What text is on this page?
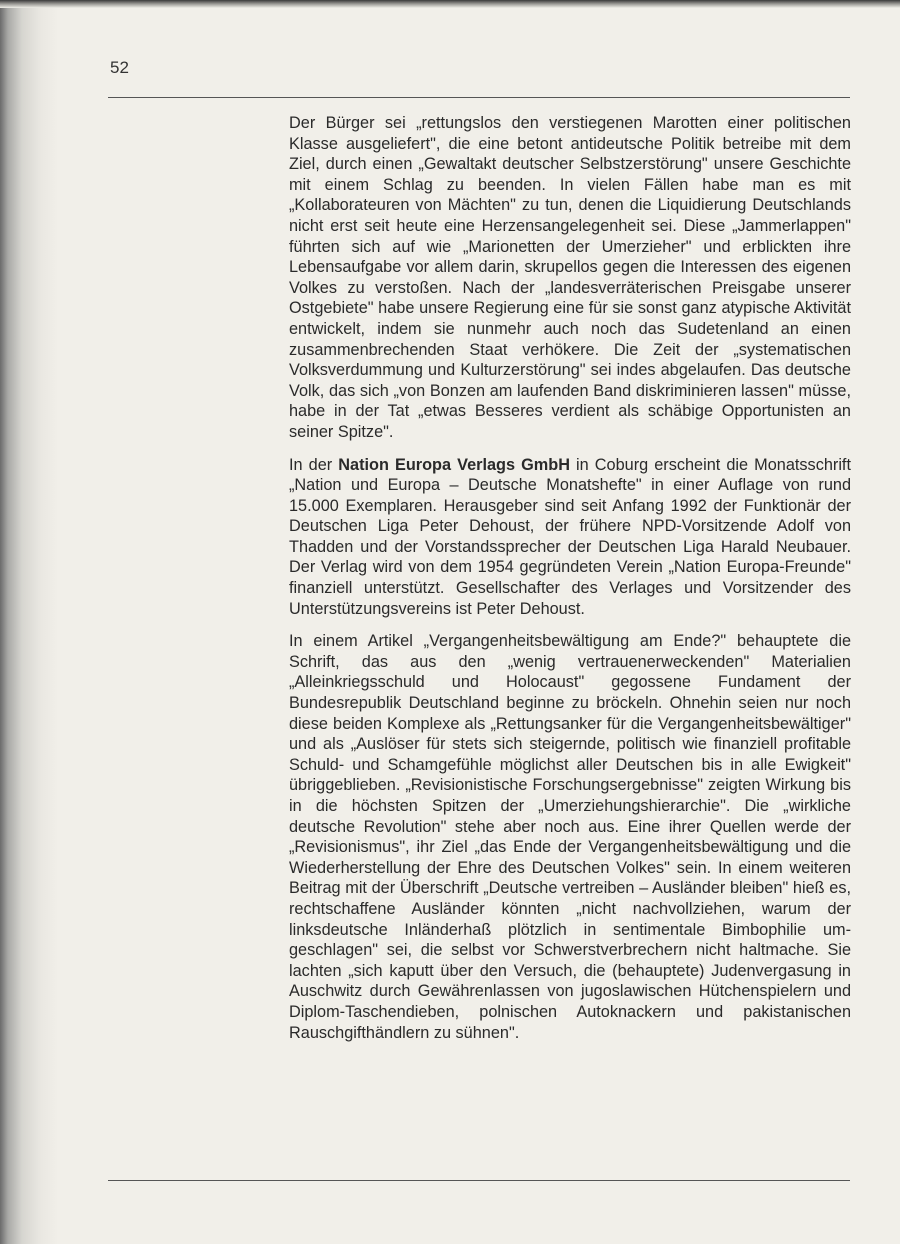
52

Der Bürger sei „rettungslos den verstiegenen Marotten einer politischen Klasse ausgeliefert", die eine betont antideutsche Politik betreibe mit dem Ziel, durch einen „Gewaltakt deutscher Selbstzerstörung" unsere Geschichte mit einem Schlag zu beenden. In vielen Fällen habe man es mit „Kollaborateuren von Mächten" zu tun, denen die Liquidierung Deutschlands nicht erst seit heute eine Herzensangelegenheit sei. Diese „Jammerlappen" führten sich auf wie „Marionetten der Umerzieher" und erblickten ihre Lebensaufgabe vor allem darin, skrupellos gegen die Interessen des eigenen Volkes zu verstoßen. Nach der „landesverräterischen Preisgabe unserer Ostgebiete" habe unsere Regierung eine für sie sonst ganz atypische Aktivität entwickelt, indem sie nunmehr auch noch das Sudetenland an einen zusammenbrechenden Staat verhökere. Die Zeit der „systematischen Volksverdummung und Kulturzerstörung" sei indes abgelaufen. Das deutsche Volk, das sich „von Bonzen am laufenden Band diskriminieren lassen" müsse, habe in der Tat „etwas Besseres verdient als schäbige Opportunisten an seiner Spitze".

In der Nation Europa Verlags GmbH in Coburg erscheint die Monatsschrift „Nation und Europa – Deutsche Monatshefte" in einer Auflage von rund 15.000 Exemplaren. Herausgeber sind seit Anfang 1992 der Funktionär der Deutschen Liga Peter Dehoust, der frühere NPD-Vorsitzende Adolf von Thadden und der Vorstandssprecher der Deutschen Liga Harald Neubauer. Der Verlag wird von dem 1954 gegründeten Verein „Nation Europa-Freunde" finanziell unterstützt. Gesellschafter des Verlages und Vorsitzender des Unterstützungsvereins ist Peter Dehoust.

In einem Artikel „Vergangenheitsbewältigung am Ende?" behauptete die Schrift, das aus den „wenig vertrauenerweckenden" Materialien „Alleinkriegsschuld und Holocaust" gegossene Fundament der Bundesrepublik Deutschland beginne zu bröckeln. Ohnehin seien nur noch diese beiden Komplexe als „Rettungsanker für die Vergangenheitsbewältiger" und als „Auslöser für stets sich steigernde, politisch wie finanziell profitable Schuld- und Schamgefühle möglichst aller Deutschen bis in alle Ewigkeit" übriggeblieben. „Revisionistische Forschungsergebnisse" zeigten Wirkung bis in die höchsten Spitzen der „Umerziehungshierarchie". Die „wirkliche deutsche Revolution" stehe aber noch aus. Eine ihrer Quellen werde der „Revisionismus", ihr Ziel „das Ende der Vergangenheitsbewältigung und die Wiederherstellung der Ehre des Deutschen Volkes" sein. In einem weiteren Beitrag mit der Überschrift „Deutsche vertreiben – Ausländer bleiben" hieß es, rechtschaffene Ausländer könnten „nicht nachvollziehen, warum der linksdeutsche Inländerhaß plötzlich in sentimentale Bimbophilie umgeschlagen" sei, die selbst vor Schwerstverbrechern nicht haltmache. Sie lachten „sich kaputt über den Versuch, die (behauptete) Judenvergasung in Auschwitz durch Gewährenlassen von jugoslawischen Hütchenspielern und Diplom-Taschendieben, polnischen Autoknackern und pakistanischen Rauschgifthändlern zu sühnen".
